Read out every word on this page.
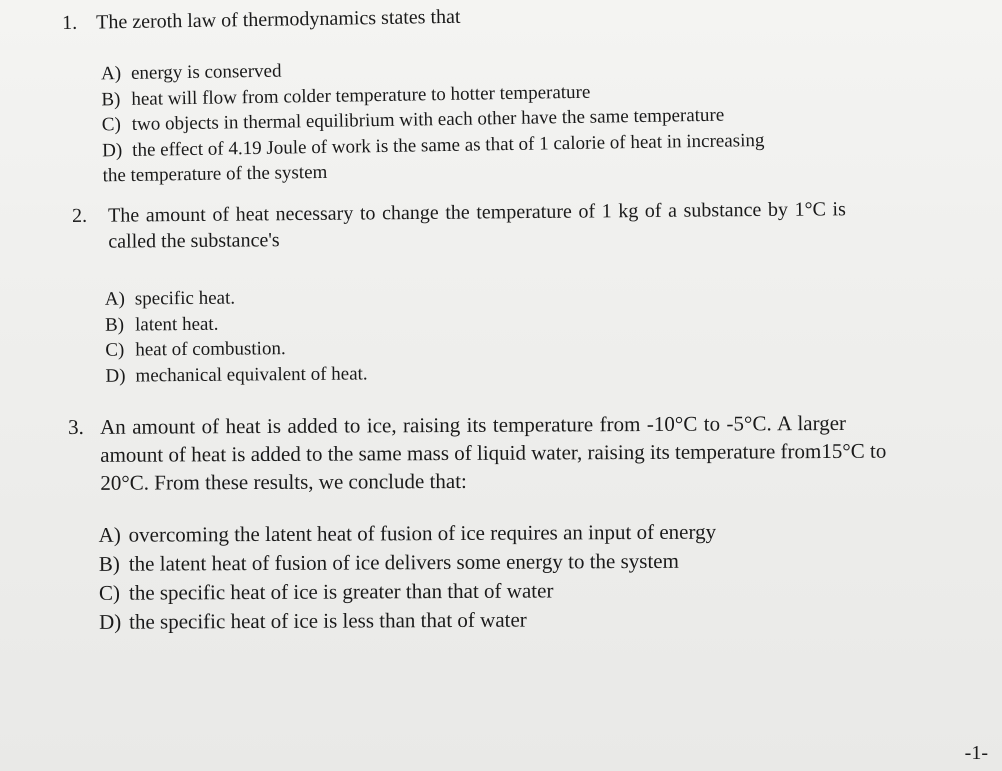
1. The zeroth law of thermodynamics states that
A) energy is conserved
B) heat will flow from colder temperature to hotter temperature
C) two objects in thermal equilibrium with each other have the same temperature
D) the effect of 4.19 Joule of work is the same as that of 1 calorie of heat in increasing
the temperature of the system
2. The amount of heat necessary to change the temperature of 1 kg of a substance by 1°C is
called the substance's
A) specific heat.
B) latent heat.
C) heat of combustion.
D) mechanical equivalent of heat.
3. An amount of heat is added to ice, raising its temperature from -10°C to -5°C. A larger
amount of heat is added to the same mass of liquid water, raising its temperature from15°C to
20°C. From these results, we conclude that:
A) overcoming the latent heat of fusion of ice requires an input of energy
B) the latent heat of fusion of ice delivers some energy to the system
C) the specific heat of ice is greater than that of water
D) the specific heat of ice is less than that of water
-1-
